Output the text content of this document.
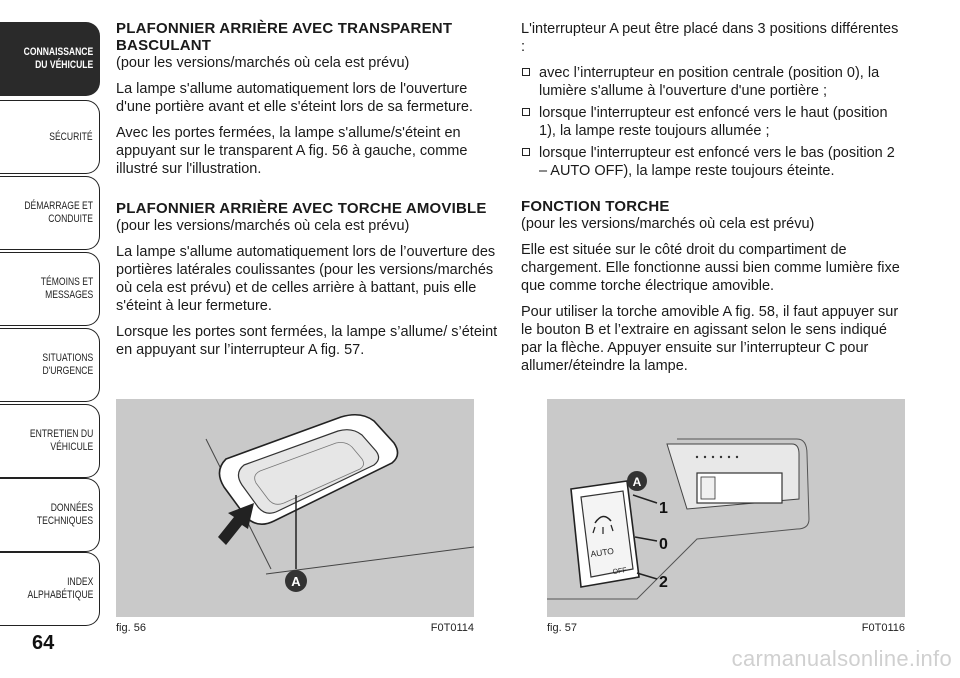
CONNAISSANCE
DU VÉHICULE
SÉCURITÉ
DÉMARRAGE ET
CONDUITE
TÉMOINS ET
MESSAGES
SITUATIONS
D'URGENCE
ENTRETIEN DU
VÉHICULE
DONNÉES
TECHNIQUES
INDEX
ALPHABÉTIQUE
64
PLAFONNIER ARRIÈRE AVEC TRANSPARENT BASCULANT

(pour les versions/marchés où cela est prévu)

La lampe s'allume automatiquement lors de l'ouverture d'une portière avant et elle s'éteint lors de sa fermeture.

Avec les portes fermées, la lampe s'allume/s'éteint en appuyant sur le transparent A fig. 56 à gauche, comme illustré sur l'illustration.

PLAFONNIER ARRIÈRE AVEC TORCHE AMOVIBLE

(pour les versions/marchés où cela est prévu)

La lampe s'allume automatiquement lors de l’ouverture des portières latérales coulissantes (pour les versions/marchés où cela est prévu) et de celles arrière à battant, puis elle s'éteint à leur fermeture.

Lorsque les portes sont fermées, la lampe s’allume/ s’éteint en appuyant sur l’interrupteur A fig. 57.

L'interrupteur A peut être placé dans 3 positions différentes :

avec l’interrupteur en position centrale (position 0), la lumière s'allume à l'ouverture d'une portière ;
lorsque l'interrupteur est enfoncé vers le haut (position 1), la lampe reste toujours allumée ;
lorsque l'interrupteur est enfoncé vers le bas (position 2 – AUTO OFF), la lampe reste toujours éteinte.
FONCTION TORCHE

(pour les versions/marchés où cela est prévu)

Elle est située sur le côté droit du compartiment de chargement. Elle fonctionne aussi bien comme lumière fixe que comme torche électrique amovible.

Pour utiliser la torche amovible A fig. 58, il faut appuyer sur le bouton B et l’extraire en agissant selon le sens indiqué par la flèche. Appuyer ensuite sur l’interrupteur C pour allumer/éteindre la lampe.

A
fig. 56	F0T0114
AUTO
OFF
A
1
0
2
fig. 57	F0T0116
carmanualsonline.info
